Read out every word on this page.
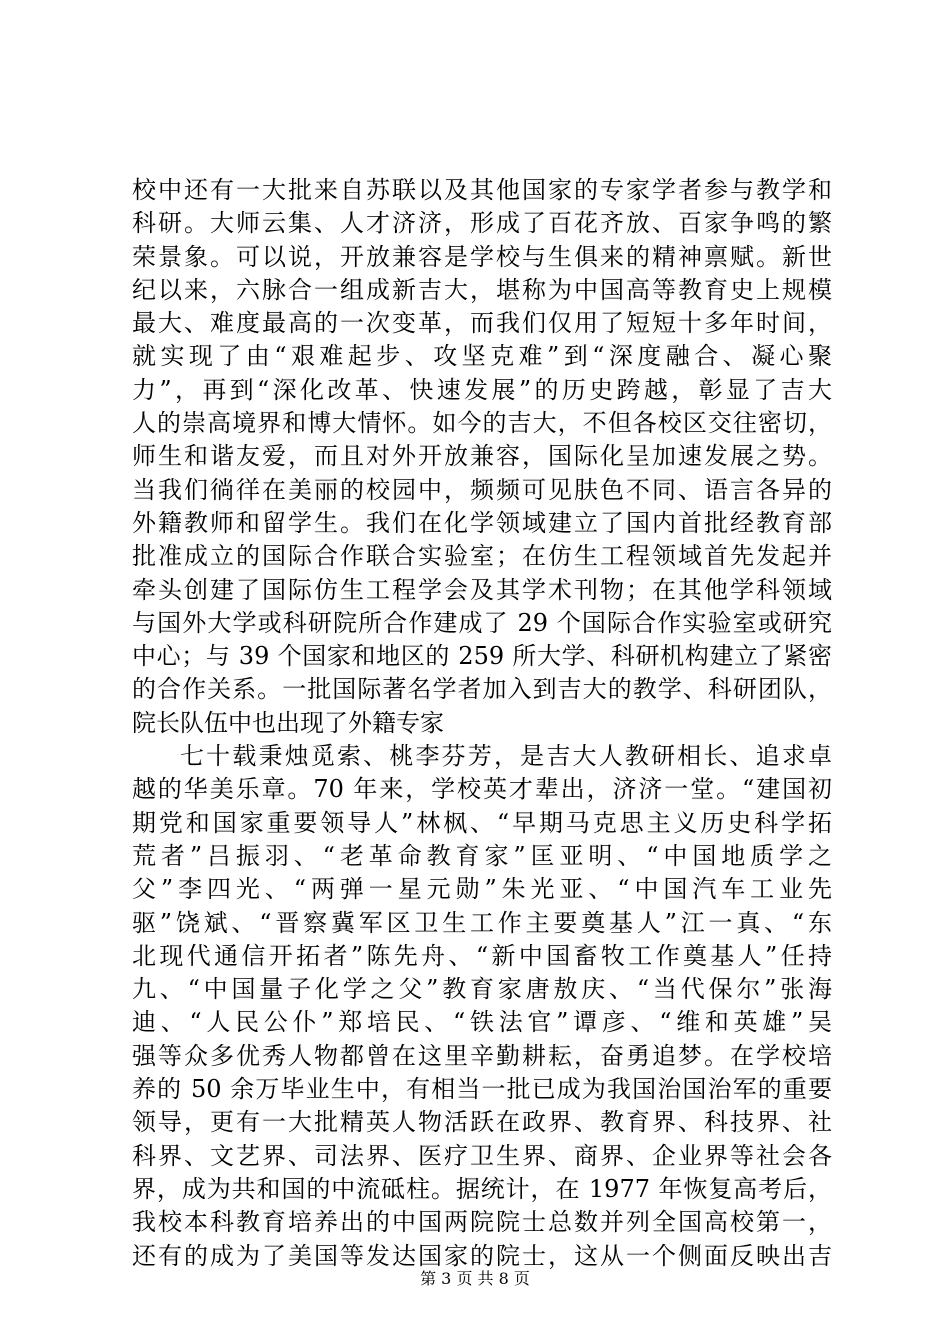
校中还有一大批来自苏联以及其他国家的专家学者参与教学和
科研。大师云集、人才济济，形成了百花齐放、百家争鸣的繁
荣景象。可以说，开放兼容是学校与生俱来的精神禀赋。新世
纪以来，六脉合一组成新吉大，堪称为中国高等教育史上规模
最大、难度最高的一次变革，而我们仅用了短短十多年时间，
就实现了由“艰难起步、攻坚克难”到“深度融合、凝心聚
力”，再到“深化改革、快速发展”的历史跨越，彰显了吉大
人的崇高境界和博大情怀。如今的吉大，不但各校区交往密切，
师生和谐友爱，而且对外开放兼容，国际化呈加速发展之势。
当我们徜徉在美丽的校园中，频频可见肤色不同、语言各异的
外籍教师和留学生。我们在化学领域建立了国内首批经教育部
批准成立的国际合作联合实验室；在仿生工程领域首先发起并
牵头创建了国际仿生工程学会及其学术刊物；在其他学科领域
与国外大学或科研院所合作建成了 29 个国际合作实验室或研究
中心；与 39 个国家和地区的 259 所大学、科研机构建立了紧密
的合作关系。一批国际著名学者加入到吉大的教学、科研团队，
院长队伍中也出现了外籍专家
七十载秉烛觅索、桃李芬芳，是吉大人教研相长、追求卓
越的华美乐章。70 年来，学校英才辈出，济济一堂。“建国初
期党和国家重要领导人”林枫、“早期马克思主义历史科学拓
荒者”吕振羽、“老革命教育家”匡亚明、“中国地质学之
父”李四光、“两弹一星元勋”朱光亚、“中国汽车工业先
驱”饶斌、“晋察冀军区卫生工作主要奠基人”江一真、“东
北现代通信开拓者”陈先舟、“新中国畜牧工作奠基人”任持
九、“中国量子化学之父”教育家唐敖庆、“当代保尔”张海
迪、“人民公仆”郑培民、“铁法官”谭彦、“维和英雄”吴
强等众多优秀人物都曾在这里辛勤耕耘，奋勇追梦。在学校培
养的 50 余万毕业生中，有相当一批已成为我国治国治军的重要
领导，更有一大批精英人物活跃在政界、教育界、科技界、社
科界、文艺界、司法界、医疗卫生界、商界、企业界等社会各
界，成为共和国的中流砥柱。据统计，在 1977 年恢复高考后，
我校本科教育培养出的中国两院院士总数并列全国高校第一，
还有的成为了美国等发达国家的院士，这从一个侧面反映出吉
第 3 页 共 8 页
